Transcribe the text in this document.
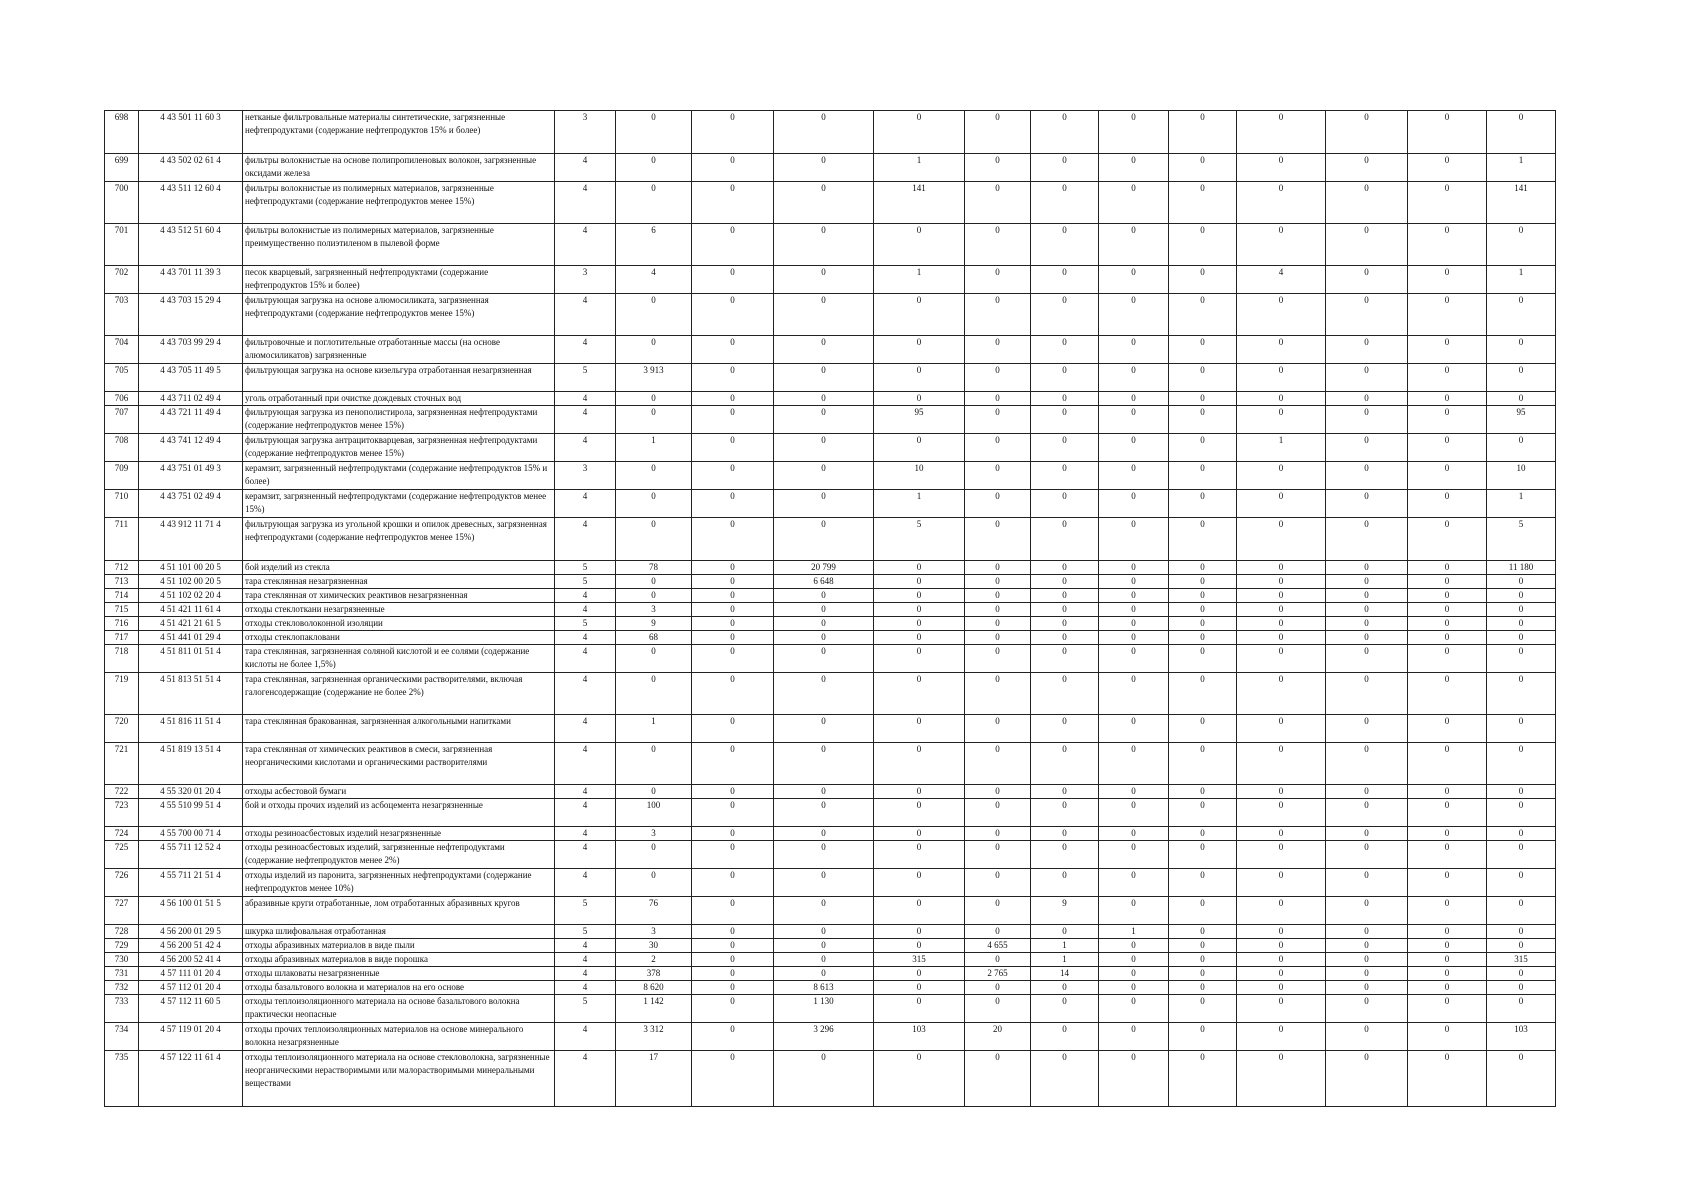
698	4 43 501 11 60 3	нетканые фильтровальные материалы синтетические, загрязненные нефтепродуктами (содержание нефтепродуктов 15% и более)	3	0	0	0	0	0	0	0	0	0	0	0	0
699	4 43 502 02 61 4	фильтры волокнистые на основе полипропиленовых волокон, загрязненные оксидами железа	4	0	0	0	1	0	0	0	0	0	0	0	1
700	4 43 511 12 60 4	фильтры волокнистые из полимерных материалов, загрязненные нефтепродуктами (содержание нефтепродуктов менее 15%)	4	0	0	0	141	0	0	0	0	0	0	0	141
701	4 43 512 51 60 4	фильтры волокнистые из полимерных материалов, загрязненные преимущественно полиэтиленом в пылевой форме	4	6	0	0	0	0	0	0	0	0	0	0	0
702	4 43 701 11 39 3	песок кварцевый, загрязненный нефтепродуктами (содержание нефтепродуктов 15% и более)	3	4	0	0	1	0	0	0	0	4	0	0	1
703	4 43 703 15 29 4	фильтрующая загрузка на основе алюмосиликата, загрязненная нефтепродуктами (содержание нефтепродуктов менее 15%)	4	0	0	0	0	0	0	0	0	0	0	0	0
704	4 43 703 99 29 4	фильтровочные и поглотительные отработанные массы (на основе алюмосиликатов) загрязненные	4	0	0	0	0	0	0	0	0	0	0	0	0
705	4 43 705 11 49 5	фильтрующая загрузка на основе кизельгура отработанная незагрязненная	5	3 913	0	0	0	0	0	0	0	0	0	0	0
706	4 43 711 02 49 4	уголь отработанный при очистке дождевых сточных вод	4	0	0	0	0	0	0	0	0	0	0	0	0
707	4 43 721 11 49 4	фильтрующая загрузка из пенополистирола, загрязненная нефтепродуктами (содержание нефтепродуктов менее 15%)	4	0	0	0	95	0	0	0	0	0	0	0	95
708	4 43 741 12 49 4	фильтрующая загрузка антрацитокварцевая, загрязненная нефтепродуктами (содержание нефтепродуктов менее 15%)	4	1	0	0	0	0	0	0	0	1	0	0	0
709	4 43 751 01 49 3	керамзит, загрязненный нефтепродуктами (содержание нефтепродуктов 15% и более)	3	0	0	0	10	0	0	0	0	0	0	0	10
710	4 43 751 02 49 4	керамзит, загрязненный нефтепродуктами (содержание нефтепродуктов менее 15%)	4	0	0	0	1	0	0	0	0	0	0	0	1
711	4 43 912 11 71 4	фильтрующая загрузка из угольной крошки и опилок древесных, загрязненная нефтепродуктами (содержание нефтепродуктов менее 15%)	4	0	0	0	5	0	0	0	0	0	0	0	5
712	4 51 101 00 20 5	бой изделий из стекла	5	78	0	20 799	0	0	0	0	0	0	0	0	11 180
713	4 51 102 00 20 5	тара стеклянная незагрязненная	5	0	0	6 648	0	0	0	0	0	0	0	0	0
714	4 51 102 02 20 4	тара стеклянная от химических реактивов незагрязненная	4	0	0	0	0	0	0	0	0	0	0	0	0
715	4 51 421 11 61 4	отходы стеклоткани незагрязненные	4	3	0	0	0	0	0	0	0	0	0	0	0
716	4 51 421 21 61 5	отходы стекловолоконной изоляции	5	9	0	0	0	0	0	0	0	0	0	0	0
717	4 51 441 01 29 4	отходы стеклопакловани	4	68	0	0	0	0	0	0	0	0	0	0	0
718	4 51 811 01 51 4	тара стеклянная, загрязненная соляной кислотой и ее солями (содержание кислоты не более 1,5%)	4	0	0	0	0	0	0	0	0	0	0	0	0
719	4 51 813 51 51 4	тара стеклянная, загрязненная органическими растворителями, включая галогенсодержащие (содержание не более 2%)	4	0	0	0	0	0	0	0	0	0	0	0	0
720	4 51 816 11 51 4	тара стеклянная бракованная, загрязненная алкогольными напитками	4	1	0	0	0	0	0	0	0	0	0	0	0
721	4 51 819 13 51 4	тара стеклянная от химических реактивов в смеси, загрязненная неорганическими кислотами и органическими растворителями	4	0	0	0	0	0	0	0	0	0	0	0	0
722	4 55 320 01 20 4	отходы асбестовой бумаги	4	0	0	0	0	0	0	0	0	0	0	0	0
723	4 55 510 99 51 4	бой и отходы прочих изделий из асбоцемента незагрязненные	4	100	0	0	0	0	0	0	0	0	0	0	0
724	4 55 700 00 71 4	отходы резиноасбестовых изделий незагрязненные	4	3	0	0	0	0	0	0	0	0	0	0	0
725	4 55 711 12 52 4	отходы резиноасбестовых изделий, загрязненные нефтепродуктами (содержание нефтепродуктов менее 2%)	4	0	0	0	0	0	0	0	0	0	0	0	0
726	4 55 711 21 51 4	отходы изделий из паронита, загрязненных нефтепродуктами (содержание нефтепродуктов менее 10%)	4	0	0	0	0	0	0	0	0	0	0	0	0
727	4 56 100 01 51 5	абразивные круги отработанные, лом отработанных абразивных кругов	5	76	0	0	0	0	9	0	0	0	0	0	0
728	4 56 200 01 29 5	шкурка шлифовальная отработанная	5	3	0	0	0	0	0	1	0	0	0	0	0
729	4 56 200 51 42 4	отходы абразивных материалов в виде пыли	4	30	0	0	0	4 655	1	0	0	0	0	0	0
730	4 56 200 52 41 4	отходы абразивных материалов в виде порошка	4	2	0	0	315	0	1	0	0	0	0	0	315
731	4 57 111 01 20 4	отходы шлаковаты незагрязненные	4	378	0	0	0	2 765	14	0	0	0	0	0	0
732	4 57 112 01 20 4	отходы базальтового волокна и материалов на его основе	4	8 620	0	8 613	0	0	0	0	0	0	0	0	0
733	4 57 112 11 60 5	отходы теплоизоляционного материала на основе базальтового волокна практически неопасные	5	1 142	0	1 130	0	0	0	0	0	0	0	0	0
734	4 57 119 01 20 4	отходы прочих теплоизоляционных материалов на основе минерального волокна незагрязненные	4	3 312	0	3 296	103	20	0	0	0	0	0	0	103
735	4 57 122 11 61 4	отходы теплоизоляционного материала на основе стекловолокна, загрязненные неорганическими нерастворимыми или малорастворимыми минеральными веществами	4	17	0	0	0	0	0	0	0	0	0	0	0
